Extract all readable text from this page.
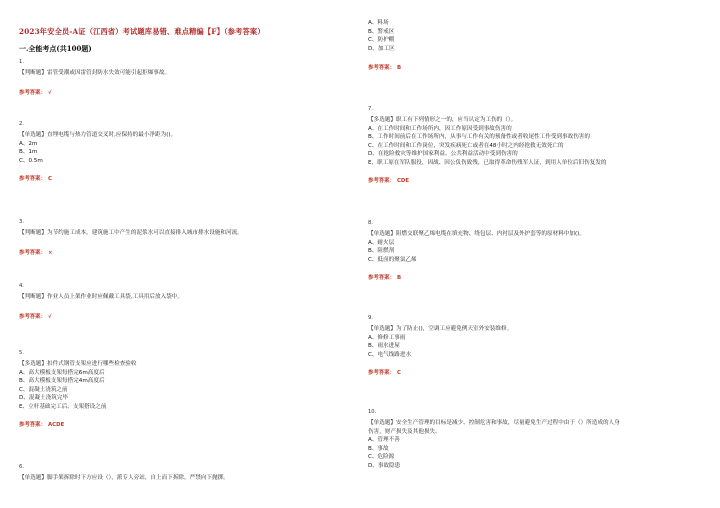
2023年安全员-A证（江西省）考试题库易错、难点精编【F】（参考答案）
一.全能考点(共100题)
1.
【判断题】雷管受潮或因雷管封防水失效可能引起拒爆事故。
参考答案： √
2.
【单选题】直埋电缆与热力管道交叉时,应保持的最小净距为()。
A、2m
B、1m
C、0.5m
参考答案： C
3.
【判断题】为节约施工成本，建筑施工中产生的泥浆水可以直接排入城市排水设施和河流。
参考答案： ×
4.
【判断题】作业人员上架作业时应佩戴工具袋,工具用后放入袋中。
参考答案： √
5.
【多选题】扣件式钢管支架应进行哪些检查验收
A、高大模板支架每搭完6m高度后
B、高大模板支架每搭完4m高度后
C、混凝土浇筑之前
D、混凝土浇筑完毕
E、立杆基础完工后、支架搭设之前
参考答案： ACDE
6.
【单选题】脚手架拆除时下方应设（），派专人旁站，自上而下拆除，严禁向下抛掷。
A、料场
B、警戒区
C、防护棚
D、加工区
参考答案： B
7.
【多选题】职工有下列情形之一的，应当认定为工伤的（）。
A、在工作时间和工作场所内，因工作原因受到事故伤害的
B、工作时间前后在工作场所内，从事与工作有关的预备性或者收尾性工作受到事故伤害的
C、在工作时间和工作岗位，突发疾病死亡或者在48小时之内经抢救无效死亡的
D、在抢险救灾等维护国家利益、公共利益活动中受到伤害的
E、职工原在军队服役，因战、因公负伤致残，已取得革命伤残军人证，到用人单位后旧伤复发的
参考答案： CDE
8.
【单选题】阻燃交联聚乙烯电缆在填充物、绕包层、内衬层及外护套等的原材料中加()。
A、耐火层
B、阻燃剂
C、低卤的聚氯乙烯
参考答案： B
9.
【单选题】为了防止()，空调工应避免例天室外安装维修。
A、修修工事雨
B、雨水进屋
C、电气线路进水
参考答案： C
10.
【单选题】安全生产管理的目标是减少、控制危害和事故，尽量避免生产过程中由于（）所造成的人身
伤害，财产损失及其他损失。
A、管理不善
B、事故
C、危险源
D、事故隐患
